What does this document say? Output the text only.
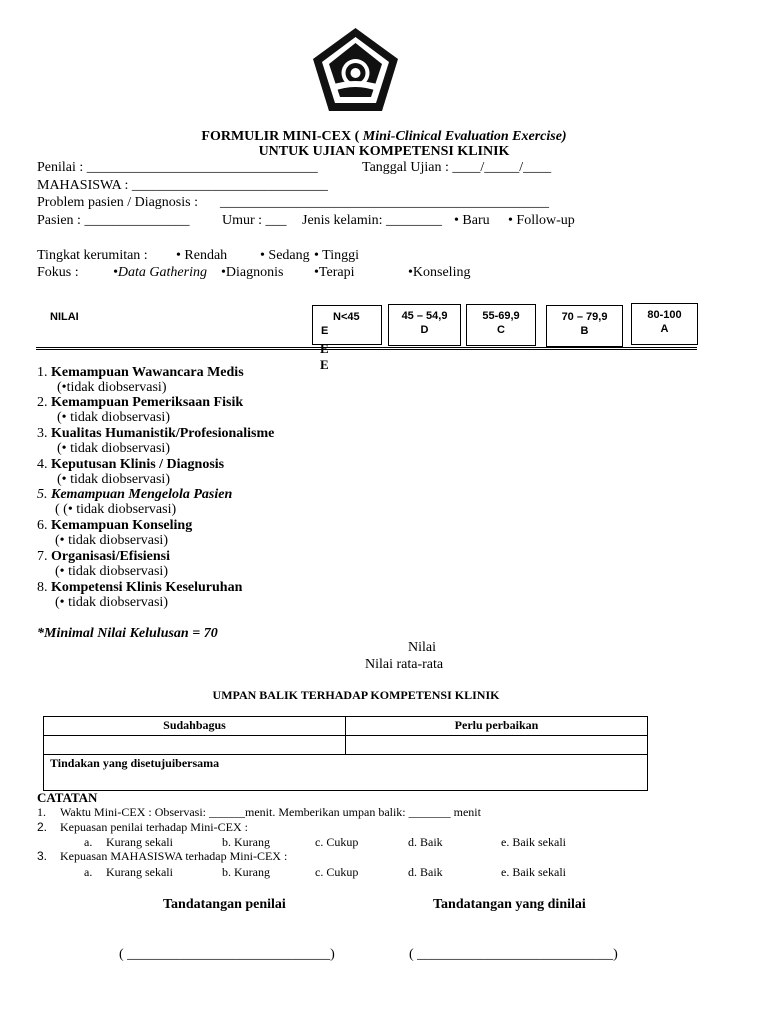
FORMULIR MINI-CEX ( Mini-Clinical Evaluation Exercise)
UNTUK UJIAN KOMPETENSI KLINIK
Penilai : _________________________________	Tanggal Ujian : ____/_____/____
MAHASISWA : ____________________________
Problem pasien / Diagnosis : _______________________________________________
Pasien : _______________ Umur : ___ Jenis kelamin: ________ • Baru • Follow-up
Tingkat kerumitan : • Rendah • Sedang • Tinggi
Fokus : •Data Gathering •Diagnonis •Terapi	•Konseling
NILAI	N<45
E
45 – 54,9
D
55-69,9
C
70 – 79,9
B
80-100
A
E
E
1. Kemampuan Wawancara Medis
(•tidak diobservasi)
2. Kemampuan Pemeriksaan Fisik
(• tidak diobservasi)
3. Kualitas Humanistik/Profesionalisme
(• tidak diobservasi)
4. Keputusan Klinis / Diagnosis
(• tidak diobservasi)
5. Kemampuan Mengelola Pasien
( (• tidak diobservasi)
6. Kemampuan Konseling
(• tidak diobservasi)
7. Organisasi/Efisiensi
(• tidak diobservasi)
8. Kompetensi Klinis Keseluruhan
(• tidak diobservasi)
*Minimal Nilai Kelulusan = 70
Nilai
Nilai rata-rata
UMPAN BALIK TERHADAP KOMPETENSI KLINIK
Sudahbagus	Perlu perbaikan

Tindakan yang disetujuibersama	
CATATAN
1. Waktu Mini-CEX : Observasi: ______menit. Memberikan umpan balik: _______ menit
2. Kepuasan penilai terhadap Mini-CEX :
a. Kurang sekali	b. Kurang	c. Cukup	d. Baik	e. Baik sekali
3. Kepuasan MAHASISWA terhadap Mini-CEX :
a. Kurang sekali	b. Kurang	c. Cukup	d. Baik	e. Baik sekali
Tandatangan penilai	Tandatangan yang dinilai
( _____________________________)	( ____________________________)
